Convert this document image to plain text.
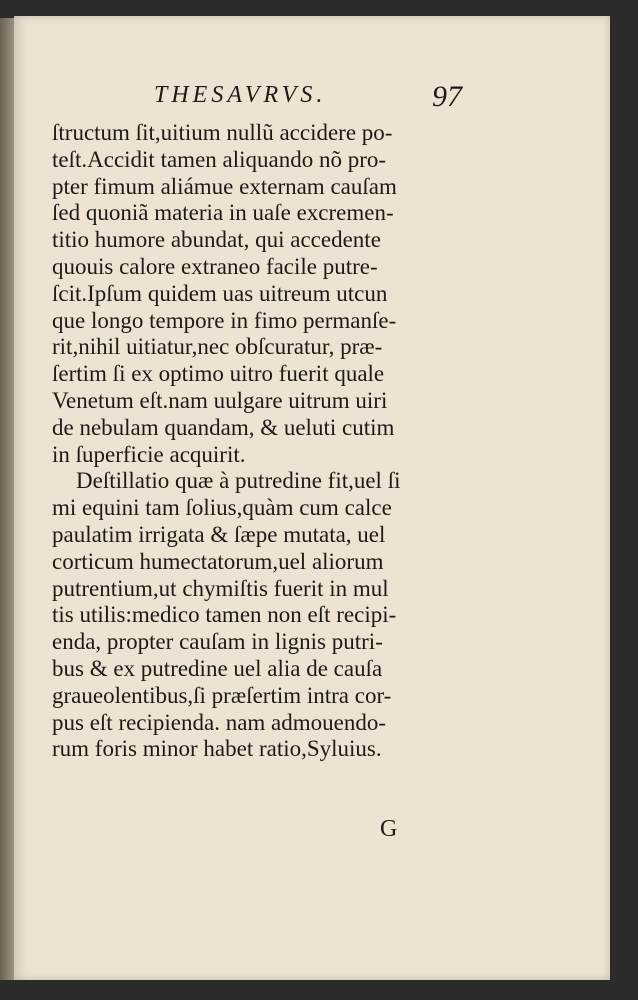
THESAVRVS.	97
ſtructum ſit,uitium nullũ accidere po-
teſt.Accidit tamen aliquando nõ pro-
pter fimum aliámue externam cauſam
ſed quoniã materia in uaſe excremen-
titio humore abundat, qui accedente
quouis calore extraneo facile putre-
ſcit.Ipſum quidem uas uitreum utcun
que longo tempore in fimo permanſe-
rit,nihil uitiatur,nec obſcuratur, præ-
ſertim ſi ex optimo uitro fuerit quale
Venetum eſt.nam uulgare uitrum uiri
de nebulam quandam, & ueluti cutim
in ſuperficie acquirit.
Deſtillatio quæ à putredine fit,uel ſi
mi equini tam ſolius,quàm cum calce
paulatim irrigata & ſæpe mutata, uel
corticum humectatorum,uel aliorum
putrentium,ut chymiſtis fuerit in mul
tis utilis:medico tamen non eſt recipi-
enda, propter cauſam in lignis putri-
bus & ex putredine uel alia de cauſa
graueolentibus,ſi præſertim intra cor-
pus eſt recipienda. nam admouendo-
rum foris minor habet ratio,Syluius.
G
